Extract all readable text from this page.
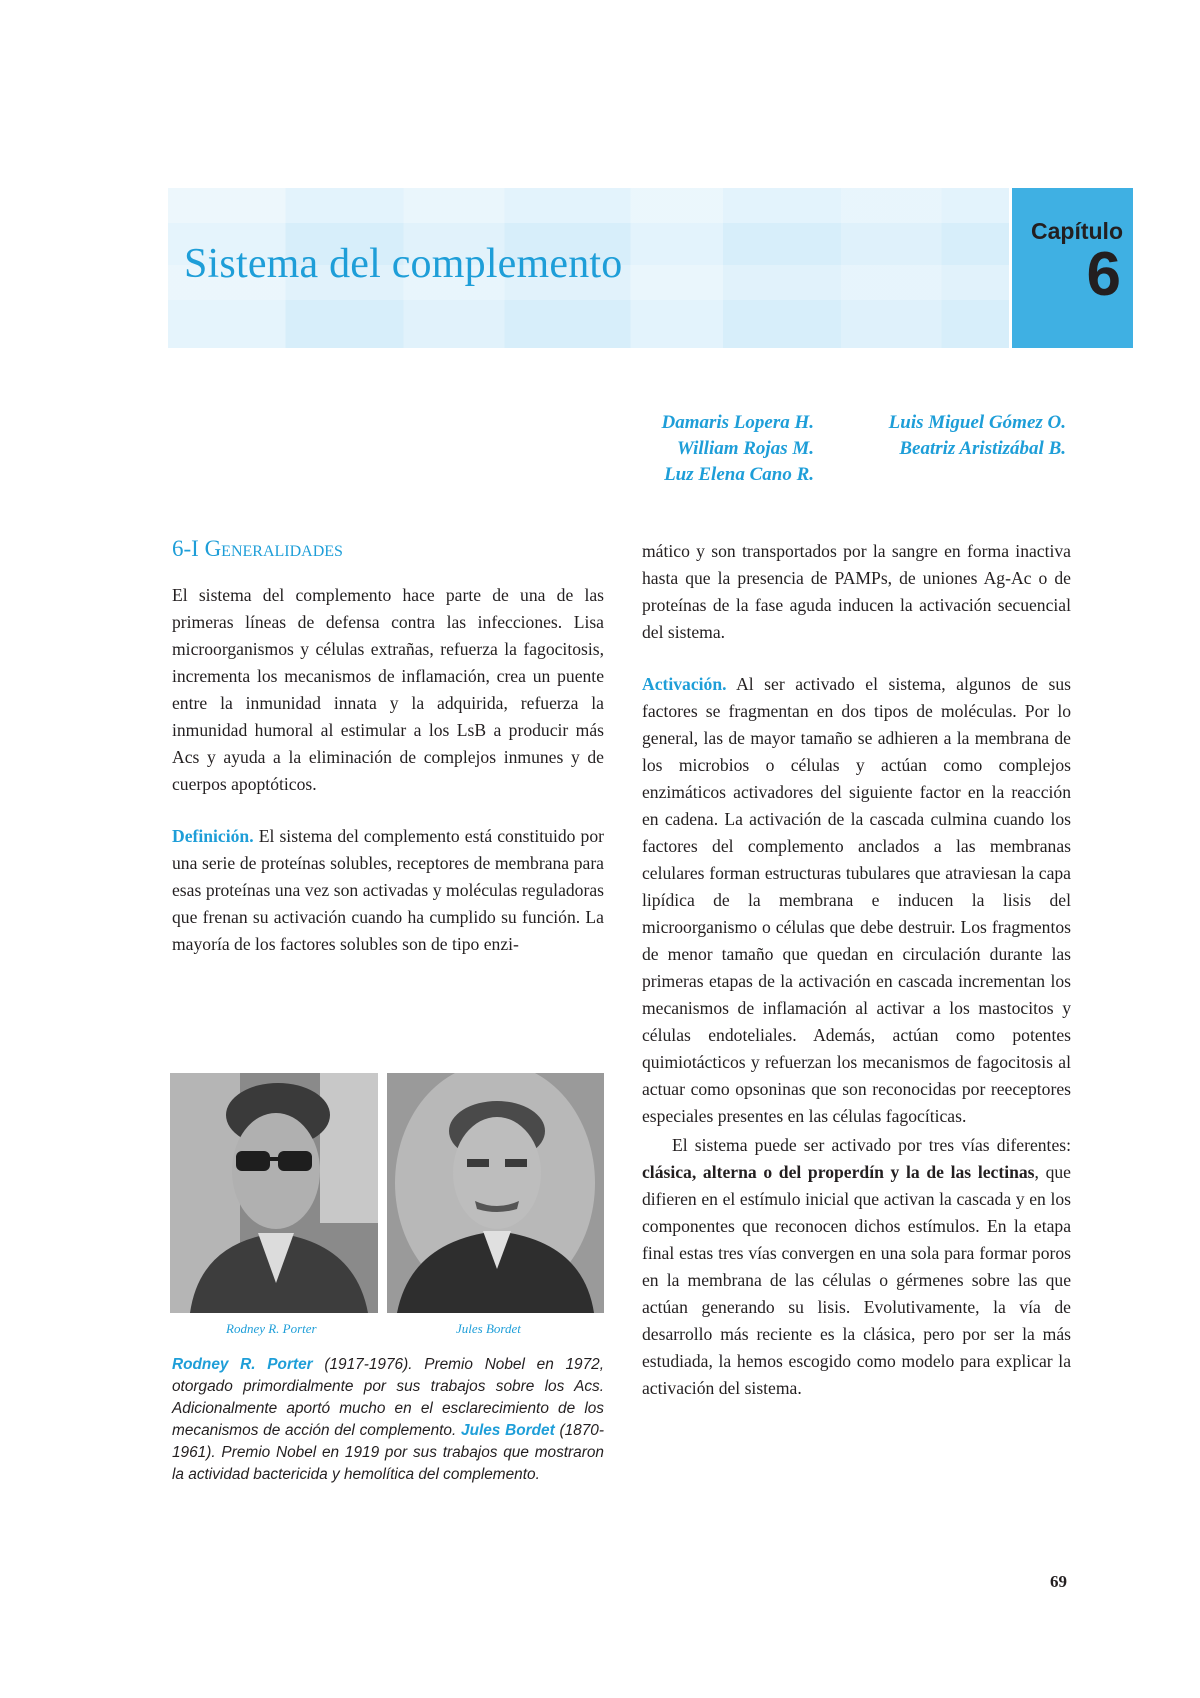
Sistema del complemento
Capítulo
6
Damaris Lopera H.
William Rojas M.
Luz Elena Cano R.
Luis Miguel Gómez O.
Beatriz Aristizábal B.
6-I Generalidades

El sistema del complemento hace parte de una de las primeras líneas de defensa contra las infecciones. Lisa microorganismos y células extrañas, refuerza la fagocitosis, incrementa los mecanismos de inflamación, crea un puente entre la inmunidad innata y la adquirida, refuerza la inmunidad humoral al estimular a los LsB a producir más Acs y ayuda a la eliminación de complejos inmunes y de cuerpos apoptóticos.

Definición. El sistema del complemento está constituido por una serie de proteínas solubles, receptores de membrana para esas proteínas una vez son activadas y moléculas reguladoras que frenan su activación cuando ha cumplido su función. La mayoría de los factores solubles son de tipo enzi-

Rodney R. Porter	Jules Bordet

Rodney R. Porter (1917-1976). Premio Nobel en 1972, otorgado primordialmente por sus trabajos sobre los Acs. Adicionalmente aportó mucho en el esclarecimiento de los mecanismos de acción del complemento. Jules Bordet (1870-1961). Premio Nobel en 1919 por sus trabajos que mostraron la actividad bactericida y hemolítica del complemento.

mático y son transportados por la sangre en forma inactiva hasta que la presencia de PAMPs, de uniones Ag-Ac o de proteínas de la fase aguda inducen la activación secuencial del sistema.

Activación. Al ser activado el sistema, algunos de sus factores se fragmentan en dos tipos de moléculas. Por lo general, las de mayor tamaño se adhieren a la membrana de los microbios o células y actúan como complejos enzimáticos activadores del siguiente factor en la reacción en cadena. La activación de la cascada culmina cuando los factores del complemento anclados a las membranas celulares forman estructuras tubulares que atraviesan la capa lipídica de la membrana e inducen la lisis del microorganismo o células que debe destruir. Los fragmentos de menor tamaño que quedan en circulación durante las primeras etapas de la activación en cascada incrementan los mecanismos de inflamación al activar a los mastocitos y células endoteliales. Además, actúan como potentes quimiotácticos y refuerzan los mecanismos de fagocitosis al actuar como opsoninas que son reconocidas por reeceptores especiales presentes en las células fagocíticas.

El sistema puede ser activado por tres vías diferentes: clásica, alterna o del properdín y la de las lectinas, que difieren en el estímulo inicial que activan la cascada y en los componentes que reconocen dichos estímulos. En la etapa final estas tres vías convergen en una sola para formar poros en la membrana de las células o gérmenes sobre las que actúan generando su lisis. Evolutivamente, la vía de desarrollo más reciente es la clásica, pero por ser la más estudiada, la hemos escogido como modelo para explicar la activación del sistema.

69
